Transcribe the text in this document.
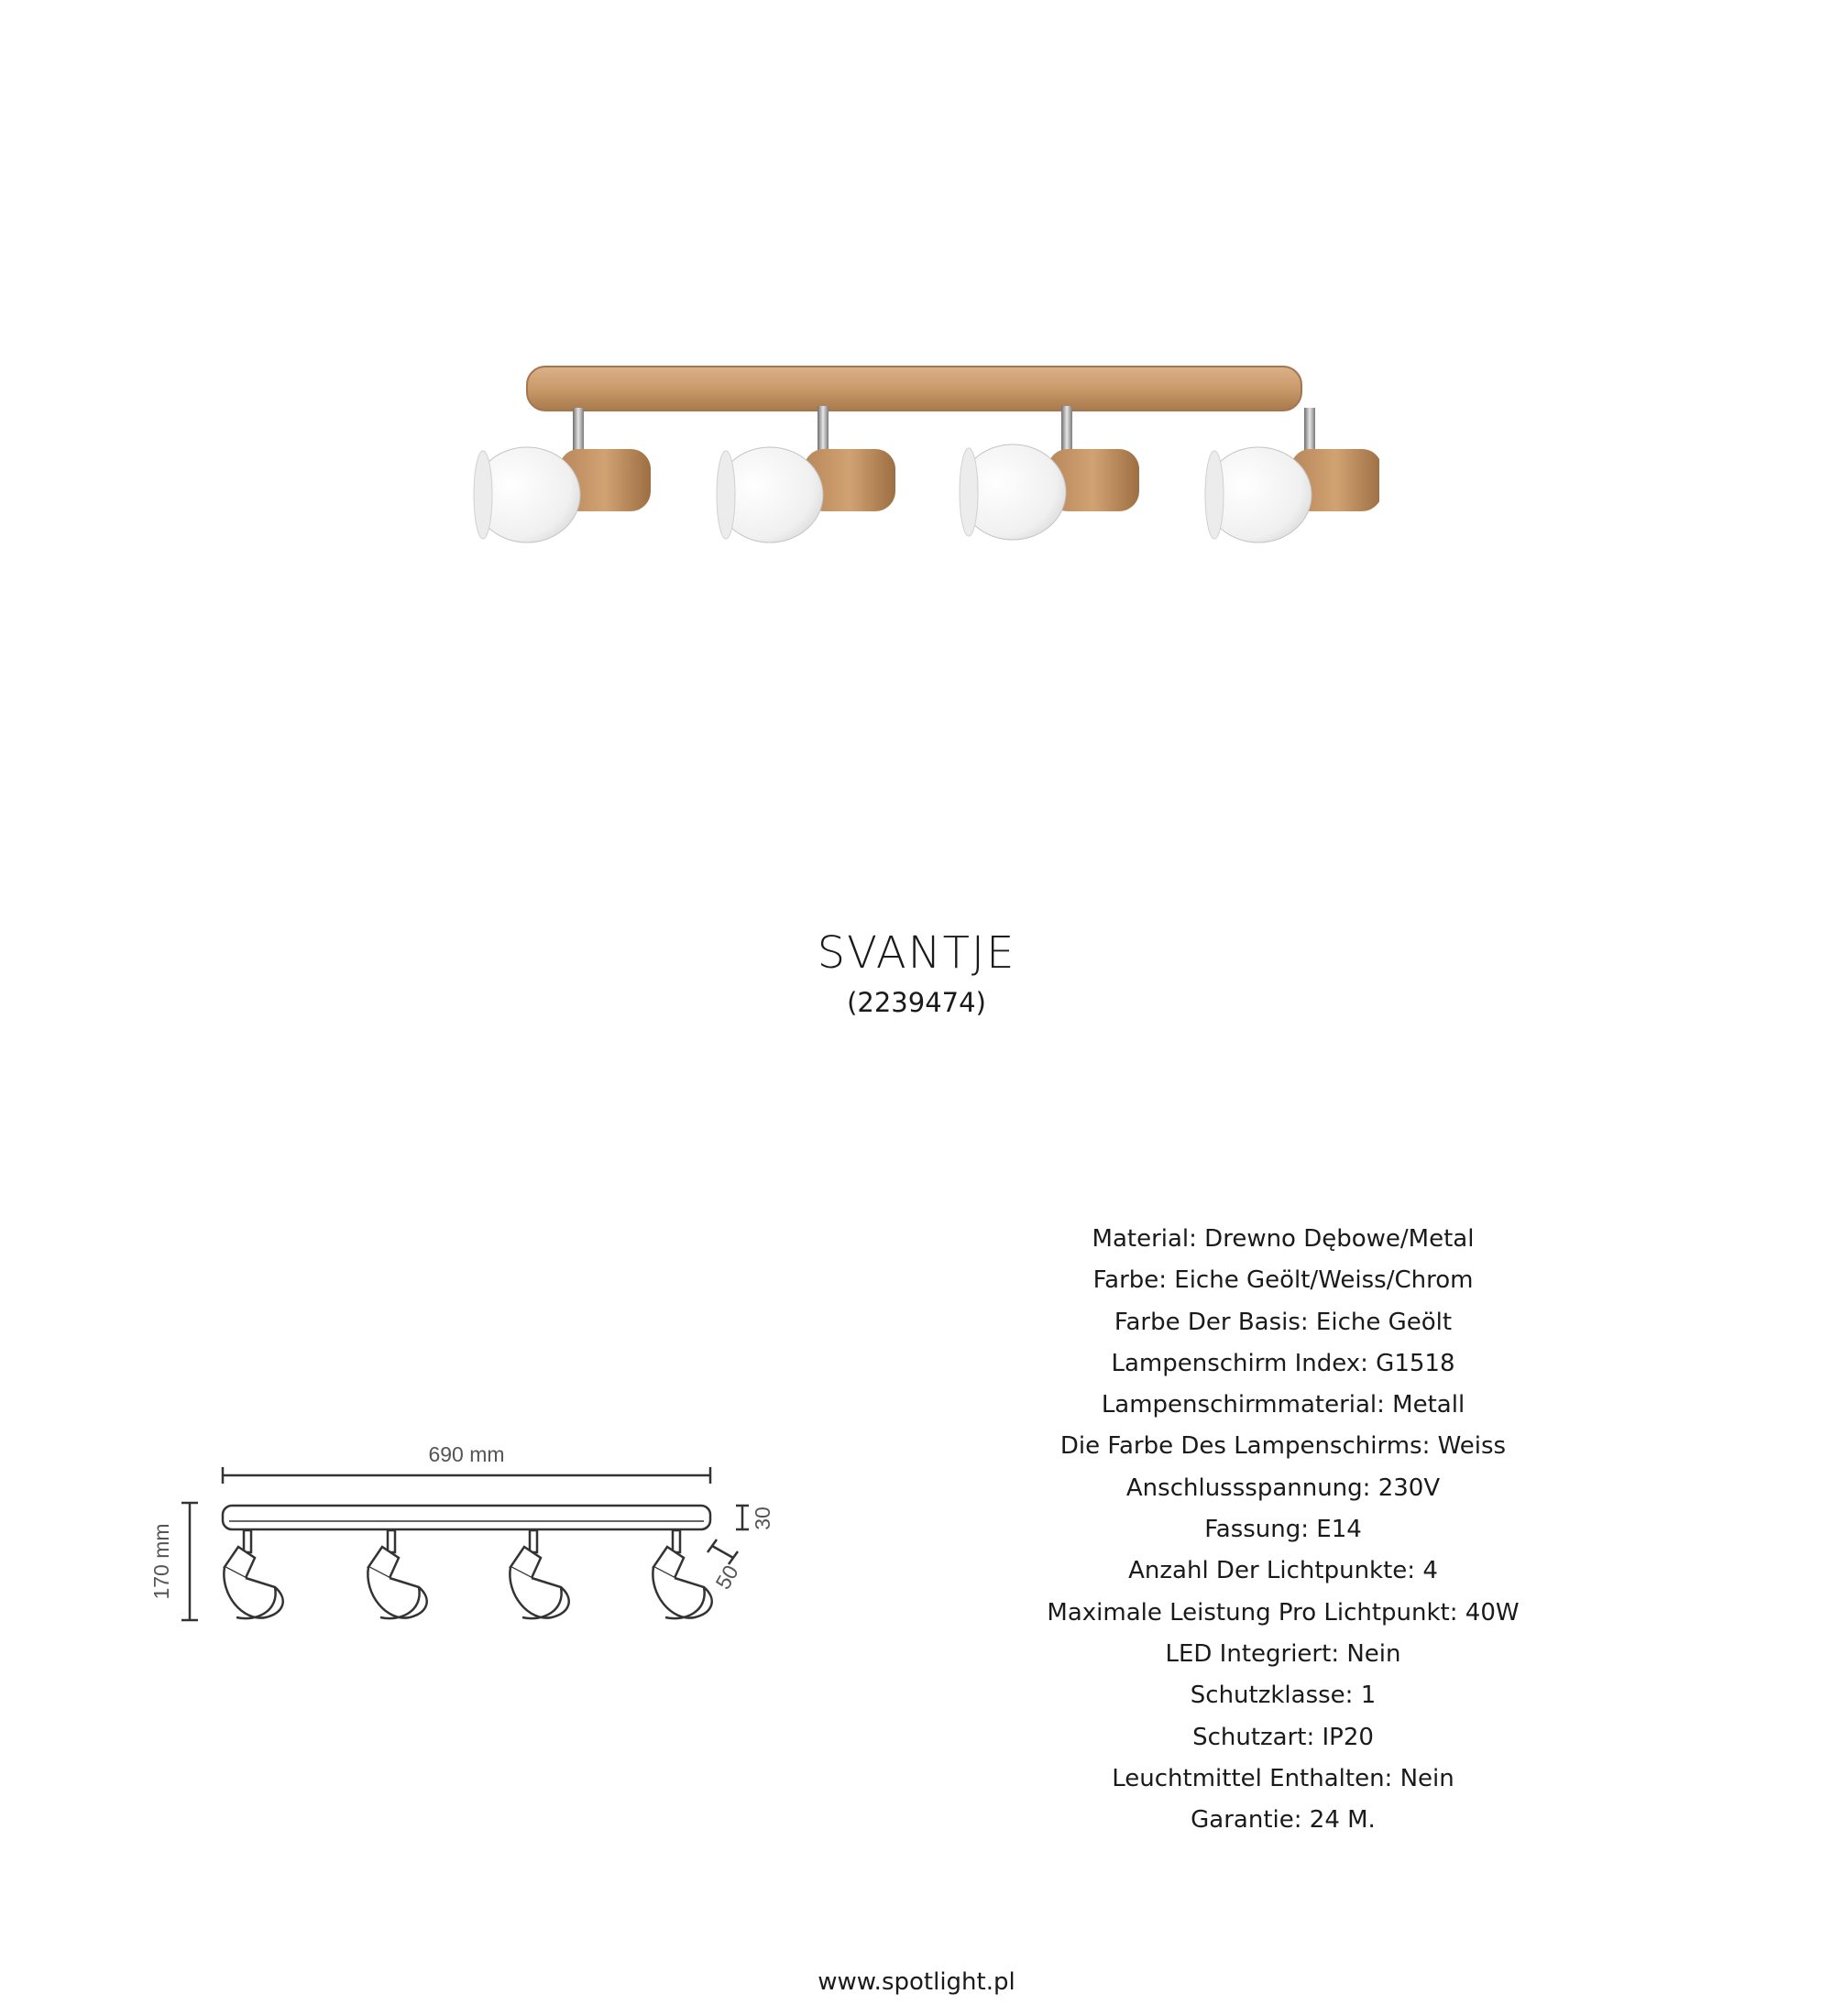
SVANTJE
(2239474)
690 mm
170 mm
30
50
Material: Drewno Dębowe/Metal
Farbe: Eiche Geölt/Weiss/Chrom
Farbe Der Basis: Eiche Geölt
Lampenschirm Index: G1518
Lampenschirmmaterial: Metall
Die Farbe Des Lampenschirms: Weiss
Anschlussspannung: 230V
Fassung: E14
Anzahl Der Lichtpunkte: 4
Maximale Leistung Pro Lichtpunkt: 40W
LED Integriert: Nein
Schutzklasse: 1
Schutzart: IP20
Leuchtmittel Enthalten: Nein
Garantie: 24 M.
www.spotlight.pl
